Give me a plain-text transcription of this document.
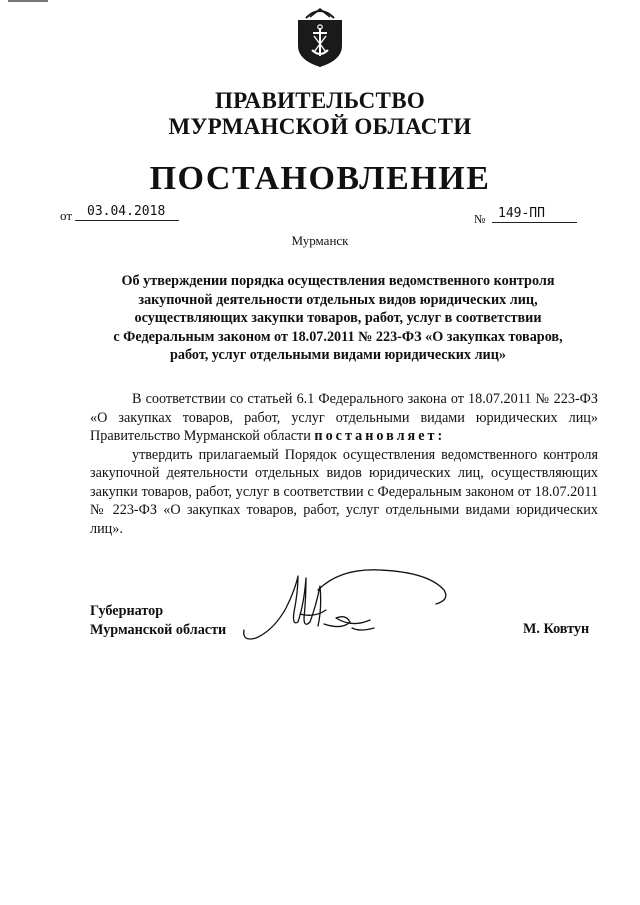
ПРАВИТЕЛЬСТВО
МУРМАНСКОЙ ОБЛАСТИ
ПОСТАНОВЛЕНИЕ
от	03.04.2018	№ 149-ПП
Мурманск
Об утверждении порядка осуществления ведомственного контроля
закупочной деятельности отдельных видов юридических лиц,
осуществляющих закупки товаров, работ, услуг в соответствии
с Федеральным законом от 18.07.2011 № 223-ФЗ «О закупках товаров,
работ, услуг отдельными видами юридических лиц»

В соответствии со статьей 6.1 Федерального закона от 18.07.2011 № 223-ФЗ «О закупках товаров, работ, услуг отдельными видами юридических лиц» Правительство Мурманской области постановляет:

утвердить прилагаемый Порядок осуществления ведомственного контроля закупочной деятельности отдельных видов юридических лиц, осуществляющих закупки товаров, работ, услуг в соответствии с Федеральным законом от 18.07.2011 № 223-ФЗ «О закупках товаров, работ, услуг отдельными видами юридических лиц».

Губернатор
Мурманской области	М. Ковтун
